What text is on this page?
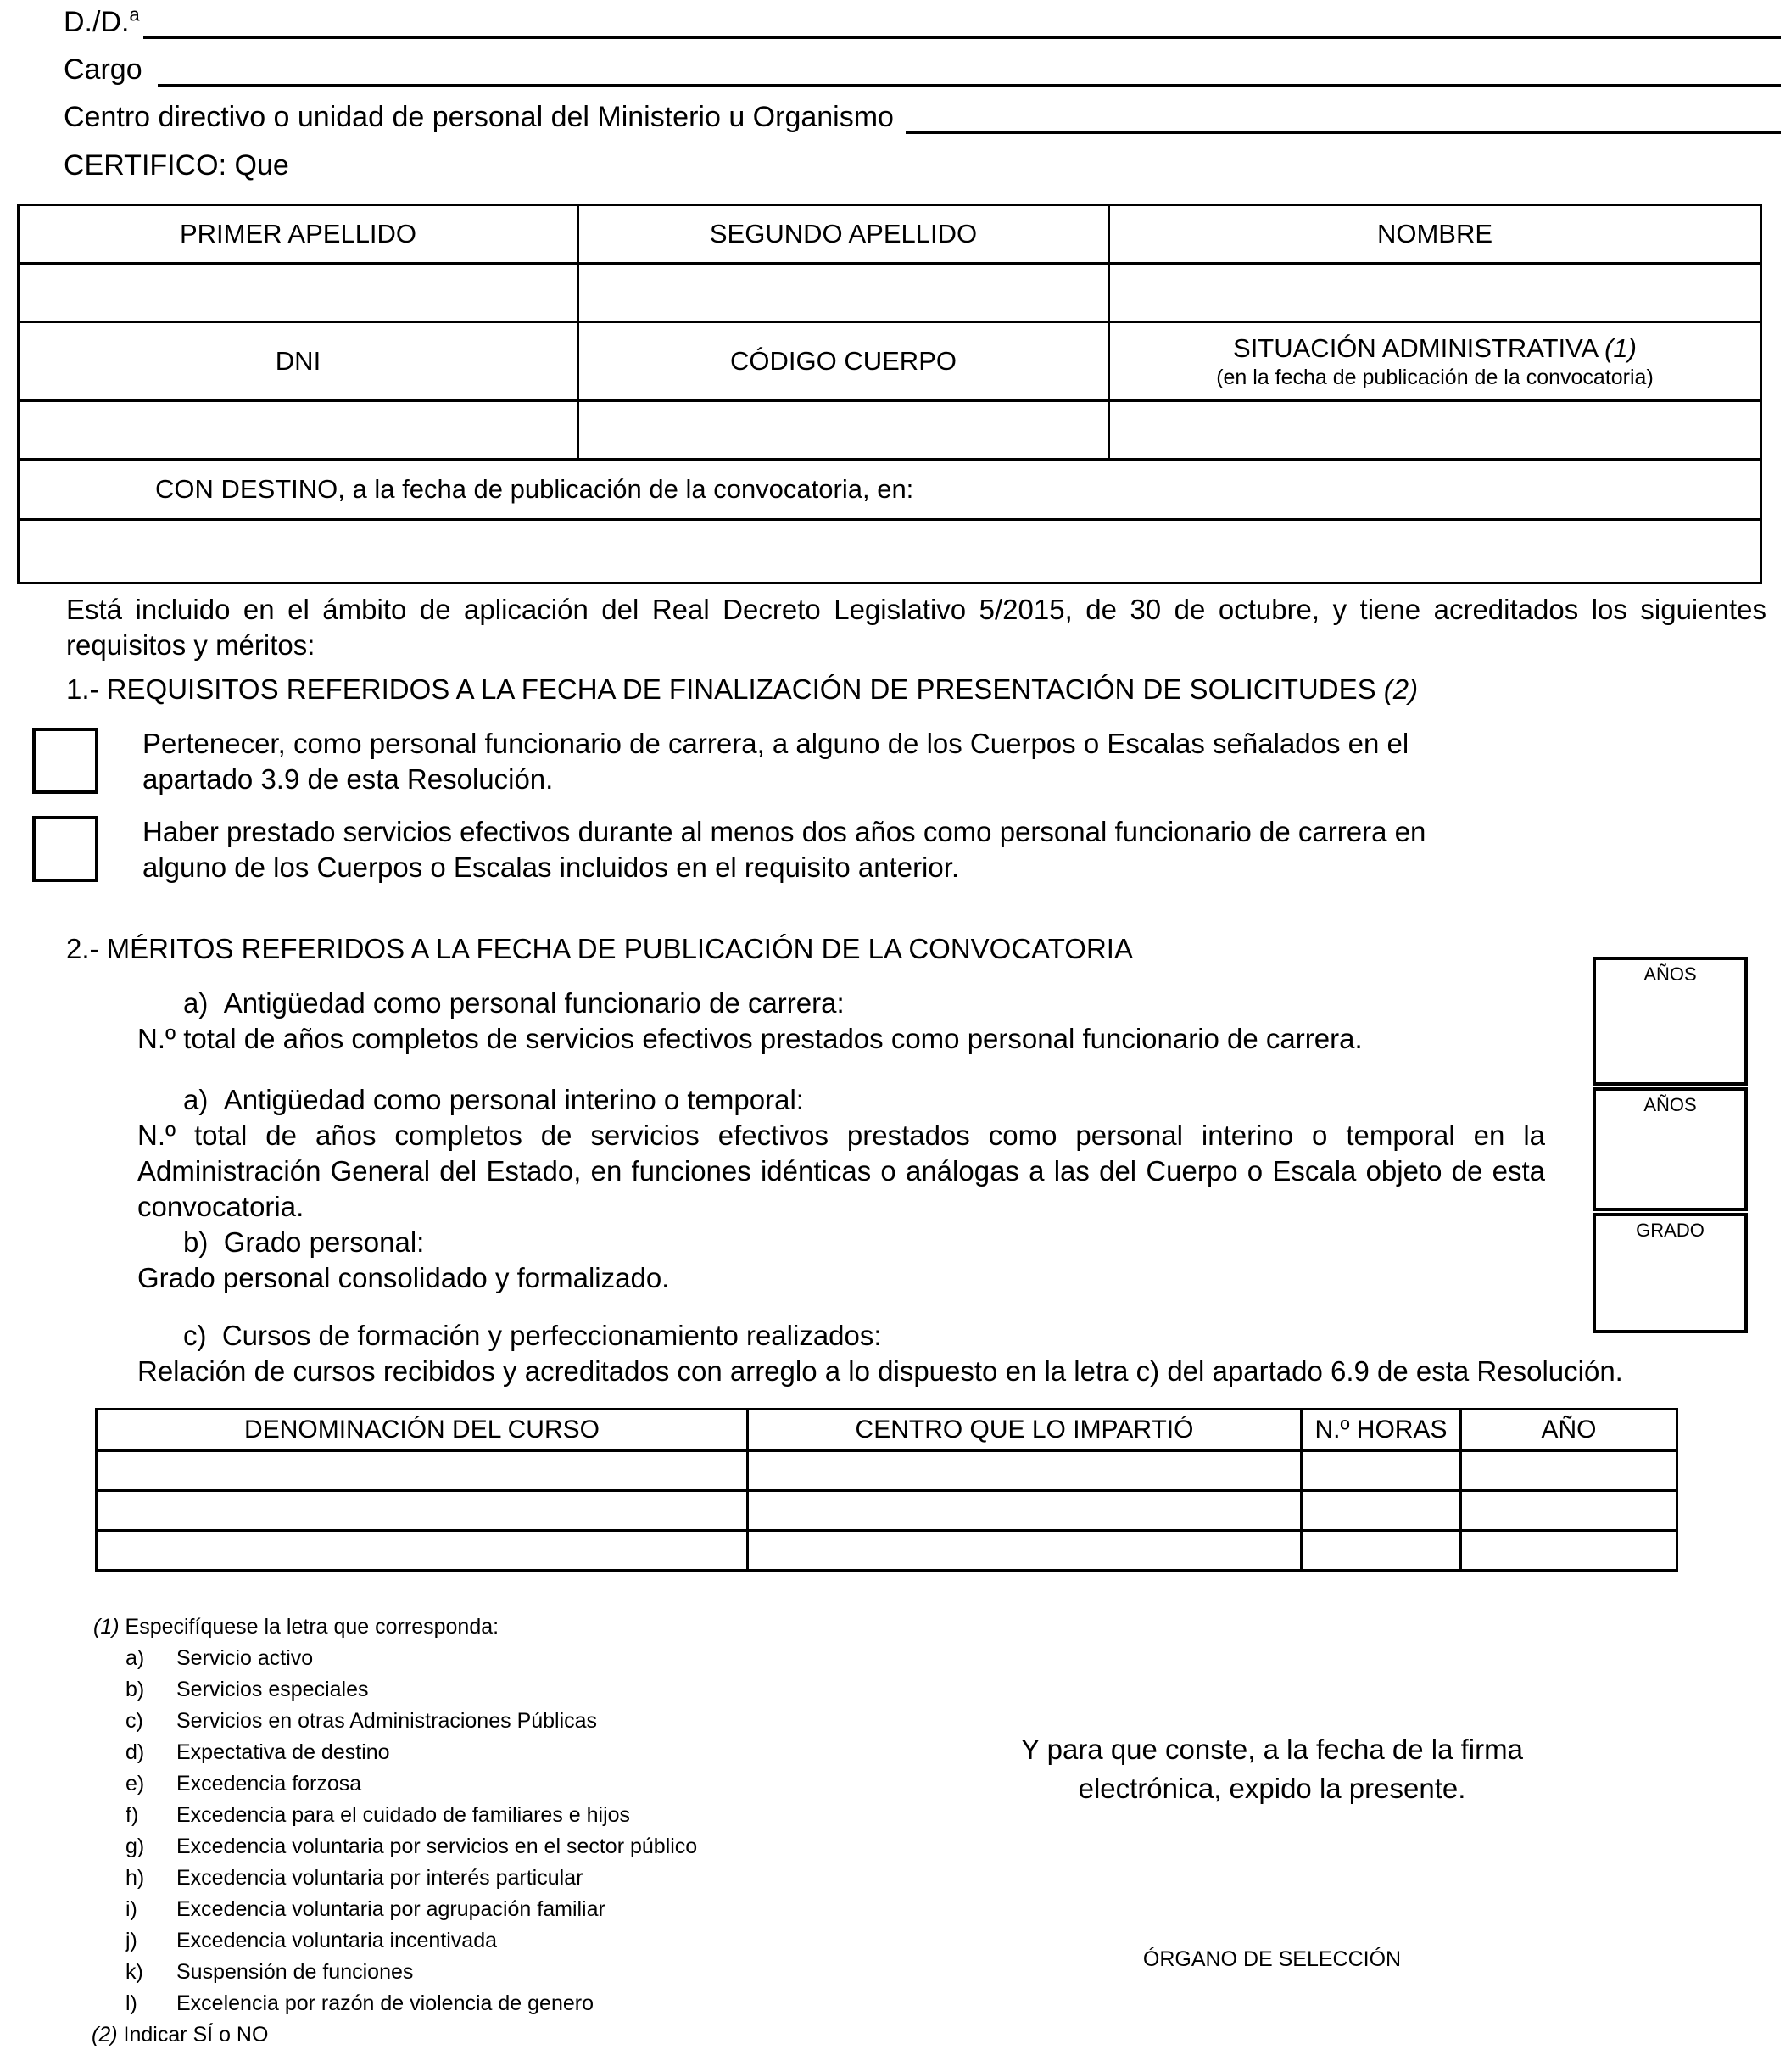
D./D.$^a$
Cargo
Centro directivo o unidad de personal del Ministerio u Organismo
CERTIFICO: Que
PRIMER APELLIDO	SEGUNDO APELLIDO	NOMBRE

DNI	CÓDIGO CUERPO	SITUACIÓN ADMINISTRATIVA (1)
(en la fecha de publicación de la convocatoria)

CON DESTINO, a la fecha de publicación de la convocatoria, en:		

Está incluido en el ámbito de aplicación del Real Decreto Legislativo 5/2015, de 30 de octubre, y tiene acreditados los siguientes requisitos y méritos:
1.- REQUISITOS REFERIDOS A LA FECHA DE FINALIZACIÓN DE PRESENTACIÓN DE SOLICITUDES (2)
Pertenecer, como personal funcionario de carrera, a alguno de los Cuerpos o Escalas señalados en el apartado 3.9 de esta Resolución.
Haber prestado servicios efectivos durante al menos dos años como personal funcionario de carrera en alguno de los Cuerpos o Escalas incluidos en el requisito anterior.
2.- MÉRITOS REFERIDOS A LA FECHA DE PUBLICACIÓN DE LA CONVOCATORIA
a) Antigüedad como personal funcionario de carrera:
N.º total de años completos de servicios efectivos prestados como personal funcionario de carrera.
a) Antigüedad como personal interino o temporal:
N.º total de años completos de servicios efectivos prestados como personal interino o temporal en la Administración General del Estado, en funciones idénticas o análogas a las del Cuerpo o Escala objeto de esta convocatoria.
b) Grado personal:
Grado personal consolidado y formalizado.
c) Cursos de formación y perfeccionamiento realizados:
Relación de cursos recibidos y acreditados con arreglo a lo dispuesto en la letra c) del apartado 6.9 de esta Resolución.
AÑOS
AÑOS
GRADO
DENOMINACIÓN DEL CURSO	CENTRO QUE LO IMPARTIÓ	N.º HORAS	AÑO

(1) Especifíquese la letra que corresponda:
a)	Servicio activo
b)	Servicios especiales
c)	Servicios en otras Administraciones Públicas
d)	Expectativa de destino
e)	Excedencia forzosa
f)	Excedencia para el cuidado de familiares e hijos
g)	Excedencia voluntaria por servicios en el sector público
h)	Excedencia voluntaria por interés particular
i)	Excedencia voluntaria por agrupación familiar
j)	Excedencia voluntaria incentivada
k)	Suspensión de funciones
l)	Excelencia por razón de violencia de genero
(2) Indicar SÍ o NO
Y para que conste, a la fecha de la firma
electrónica, expido la presente.
ÓRGANO DE SELECCIÓN
